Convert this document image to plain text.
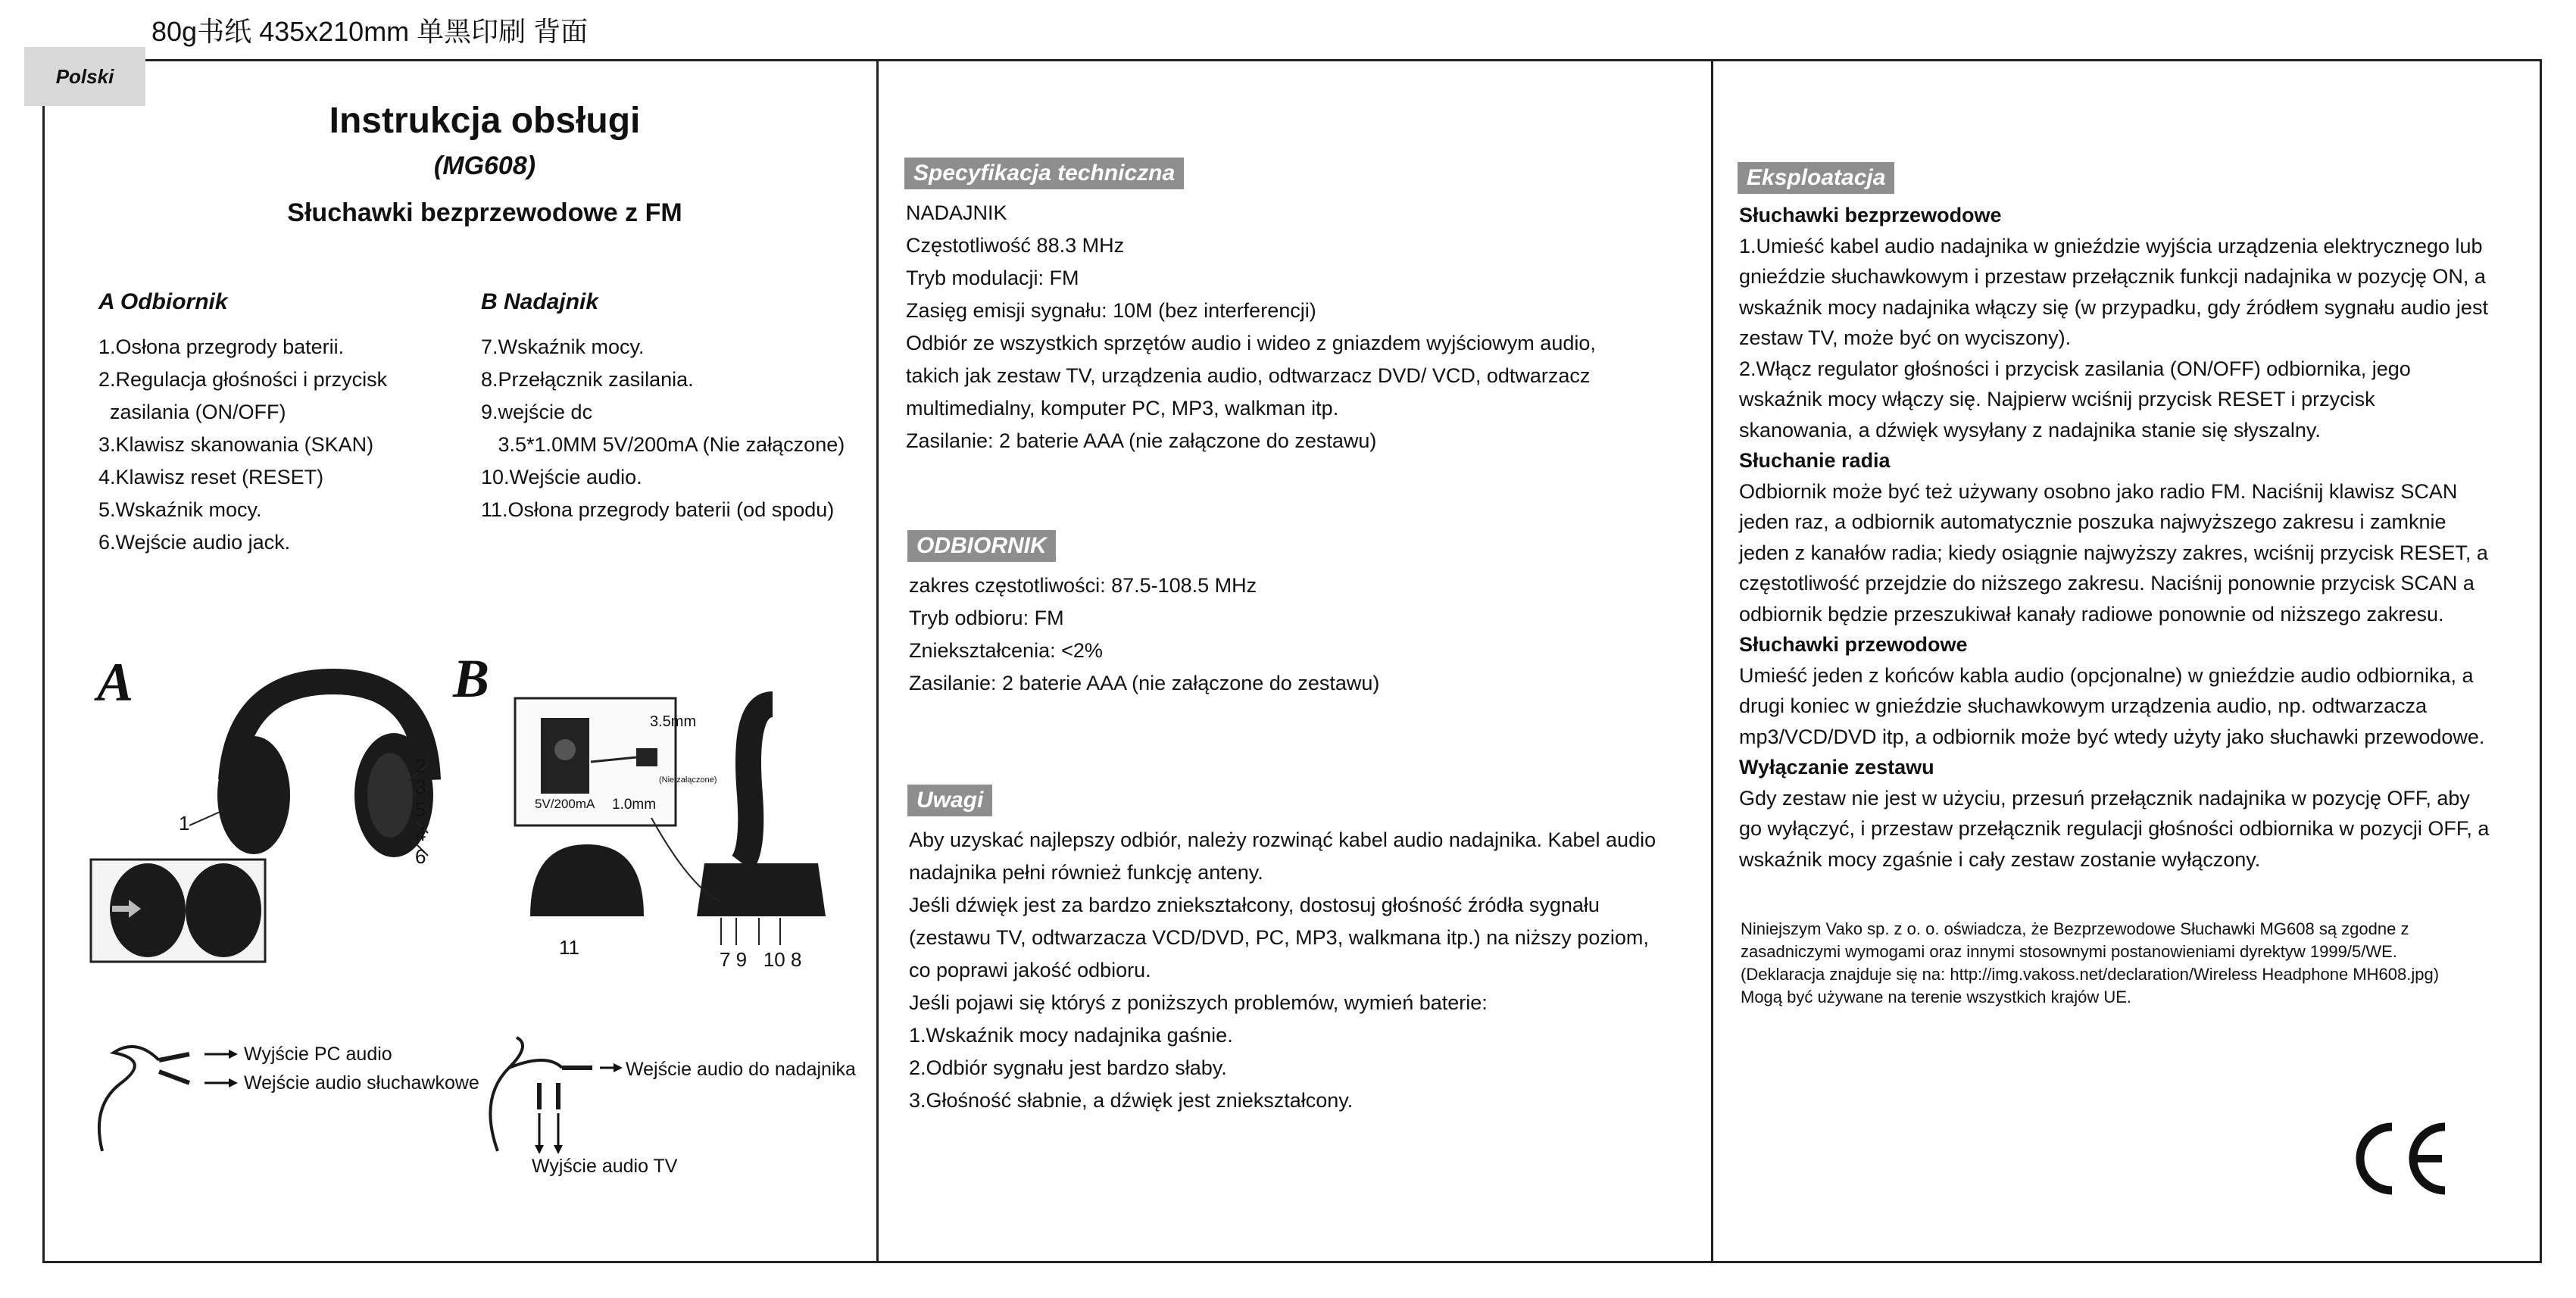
80g书纸 435x210mm 单黑印刷 背面
Polski
Instrukcja obsługi
(MG608)
Słuchawki bezprzewodowe z FM
A Odbiornik
1.Osłona przegrody baterii.
2.Regulacja głośności i przycisk
zasilania (ON/OFF)
3.Klawisz skanowania (SKAN)
4.Klawisz reset (RESET)
5.Wskaźnik mocy.
6.Wejście audio jack.
B Nadajnik
7.Wskaźnik mocy.
8.Przełącznik zasilania.
9.wejście dc
3.5*1.0MM 5V/200mA (Nie załączone)
10.Wejście audio.
11.Osłona przegrody baterii (od spodu)
A
1
2
3
5
4
6
B
3.5mm
(Nie załączone)
1.0mm
5V/200mA
11
7 9   10 8
Wyjście PC audio
Wejście audio słuchawkowe
Wejście audio do nadajnika
Wyjście audio TV
Specyfikacja techniczna
NADAJNIK
Częstotliwość 88.3 MHz
Tryb modulacji: FM
Zasięg emisji sygnału: 10M (bez interferencji)
Odbiór ze wszystkich sprzętów audio i wideo z gniazdem wyjściowym audio,
takich jak zestaw TV, urządzenia audio, odtwarzacz DVD/ VCD, odtwarzacz
multimedialny, komputer PC, MP3, walkman itp.
Zasilanie: 2 baterie AAA (nie załączone do zestawu)
ODBIORNIK
zakres częstotliwości: 87.5-108.5 MHz
Tryb odbioru: FM
Zniekształcenia: <2%
Zasilanie: 2 baterie AAA (nie załączone do zestawu)
Uwagi
Aby uzyskać najlepszy odbiór, należy rozwinąć kabel audio nadajnika. Kabel audio
nadajnika pełni również funkcję anteny.
Jeśli dźwięk jest za bardzo zniekształcony, dostosuj głośność źródła sygnału
(zestawu TV, odtwarzacza VCD/DVD, PC, MP3, walkmana itp.) na niższy poziom,
co poprawi jakość odbioru.
Jeśli pojawi się któryś z poniższych problemów, wymień baterie:
1.Wskaźnik mocy nadajnika gaśnie.
2.Odbiór sygnału jest bardzo słaby.
3.Głośność słabnie, a dźwięk jest zniekształcony.
Eksploatacja
Słuchawki bezprzewodowe
1.Umieść kabel audio nadajnika w gnieździe wyjścia urządzenia elektrycznego lub
gnieździe słuchawkowym i przestaw przełącznik funkcji nadajnika w pozycję ON, a
wskaźnik mocy nadajnika włączy się (w przypadku, gdy źródłem sygnału audio jest
zestaw TV, może być on wyciszony).
2.Włącz regulator głośności i przycisk zasilania (ON/OFF) odbiornika, jego
wskaźnik mocy włączy się. Najpierw wciśnij przycisk RESET i przycisk
skanowania, a dźwięk wysyłany z nadajnika stanie się słyszalny.
Słuchanie radia
Odbiornik może być też używany osobno jako radio FM. Naciśnij klawisz SCAN
jeden raz, a odbiornik automatycznie poszuka najwyższego zakresu i zamknie
jeden z kanałów radia; kiedy osiągnie najwyższy zakres, wciśnij przycisk RESET, a
częstotliwość przejdzie do niższego zakresu. Naciśnij ponownie przycisk SCAN a
odbiornik będzie przeszukiwał kanały radiowe ponownie od niższego zakresu.
Słuchawki przewodowe
Umieść jeden z końców kabla audio (opcjonalne) w gnieździe audio odbiornika, a
drugi koniec w gnieździe słuchawkowym urządzenia audio, np. odtwarzacza
mp3/VCD/DVD itp, a odbiornik może być wtedy użyty jako słuchawki przewodowe.
Wyłączanie zestawu
Gdy zestaw nie jest w użyciu, przesuń przełącznik nadajnika w pozycję OFF, aby
go wyłączyć, i przestaw przełącznik regulacji głośności odbiornika w pozycji OFF, a
wskaźnik mocy zgaśnie i cały zestaw zostanie wyłączony.
Niniejszym Vako sp. z o. o. oświadcza, że Bezprzewodowe Słuchawki MG608 są zgodne z
zasadniczymi wymogami oraz innymi stosownymi postanowieniami dyrektyw 1999/5/WE.
(Deklaracja znajduje się na: http://img.vakoss.net/declaration/Wireless Headphone MH608.jpg)
Mogą być używane na terenie wszystkich krajów UE.
